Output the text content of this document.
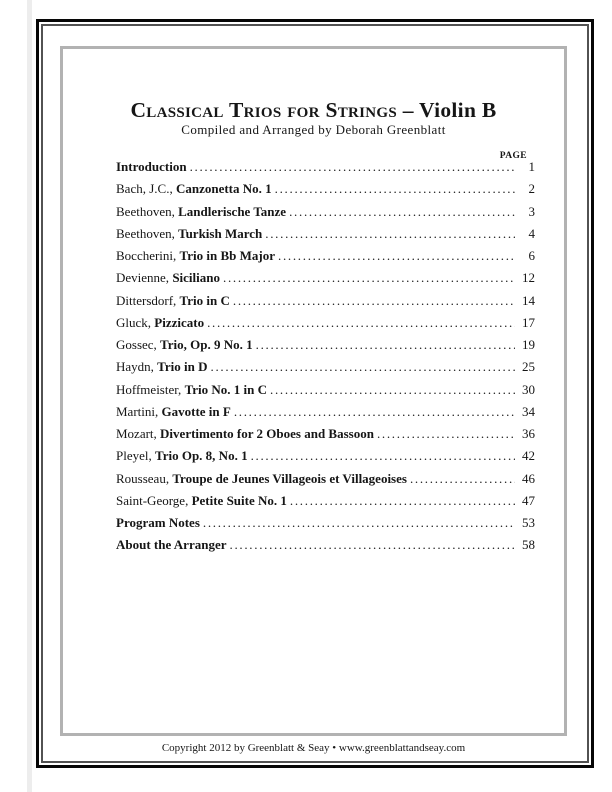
Classical Trios for Strings – Violin B
Compiled and Arranged by Deborah Greenblatt
PAGE
Introduction .....	1
Bach, J.C., Canzonetta No. 1 .....	2
Beethoven, Landlerische Tanze .....	3
Beethoven, Turkish March .....	4
Boccherini, Trio in Bb Major .....	6
Devienne, Siciliano .....	12
Dittersdorf, Trio in C .....	14
Gluck, Pizzicato .....	17
Gossec, Trio, Op. 9 No. 1 .....	19
Haydn, Trio in D .....	25
Hoffmeister, Trio No. 1 in C .....	30
Martini, Gavotte in F .....	34
Mozart, Divertimento for 2 Oboes and Bassoon .....	36
Pleyel, Trio Op. 8, No. 1 .....	42
Rousseau, Troupe de Jeunes Villageois et Villageoises .....	46
Saint-George, Petite Suite No. 1 .....	47
Program Notes .....	53
About the Arranger .....	58
Copyright 2012 by Greenblatt & Seay • www.greenblattandseay.com
